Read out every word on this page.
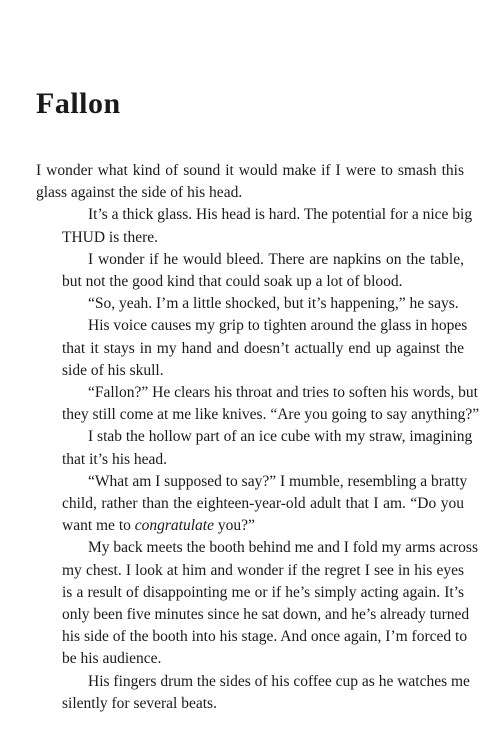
Fallon

I wonder what kind of sound it would make if I were to smash this
glass against the side of his head.

It’s a thick glass. His head is hard. The potential for a nice big
THUD is there.

I wonder if he would bleed. There are napkins on the table,
but not the good kind that could soak up a lot of blood.

“So, yeah. I’m a little shocked, but it’s happening,” he says.

His voice causes my grip to tighten around the glass in hopes
that it stays in my hand and doesn’t actually end up against the
side of his skull.

“Fallon?” He clears his throat and tries to soften his words, but
they still come at me like knives. “Are you going to say anything?”

I stab the hollow part of an ice cube with my straw, imagining
that it’s his head.

“What am I supposed to say?” I mumble, resembling a bratty
child, rather than the eighteen-year-old adult that I am. “Do you
want me to congratulate you?”

My back meets the booth behind me and I fold my arms across
my chest. I look at him and wonder if the regret I see in his eyes
is a result of disappointing me or if he’s simply acting again. It’s
only been five minutes since he sat down, and he’s already turned
his side of the booth into his stage. And once again, I’m forced to
be his audience.

His fingers drum the sides of his coffee cup as he watches me
silently for several beats.
